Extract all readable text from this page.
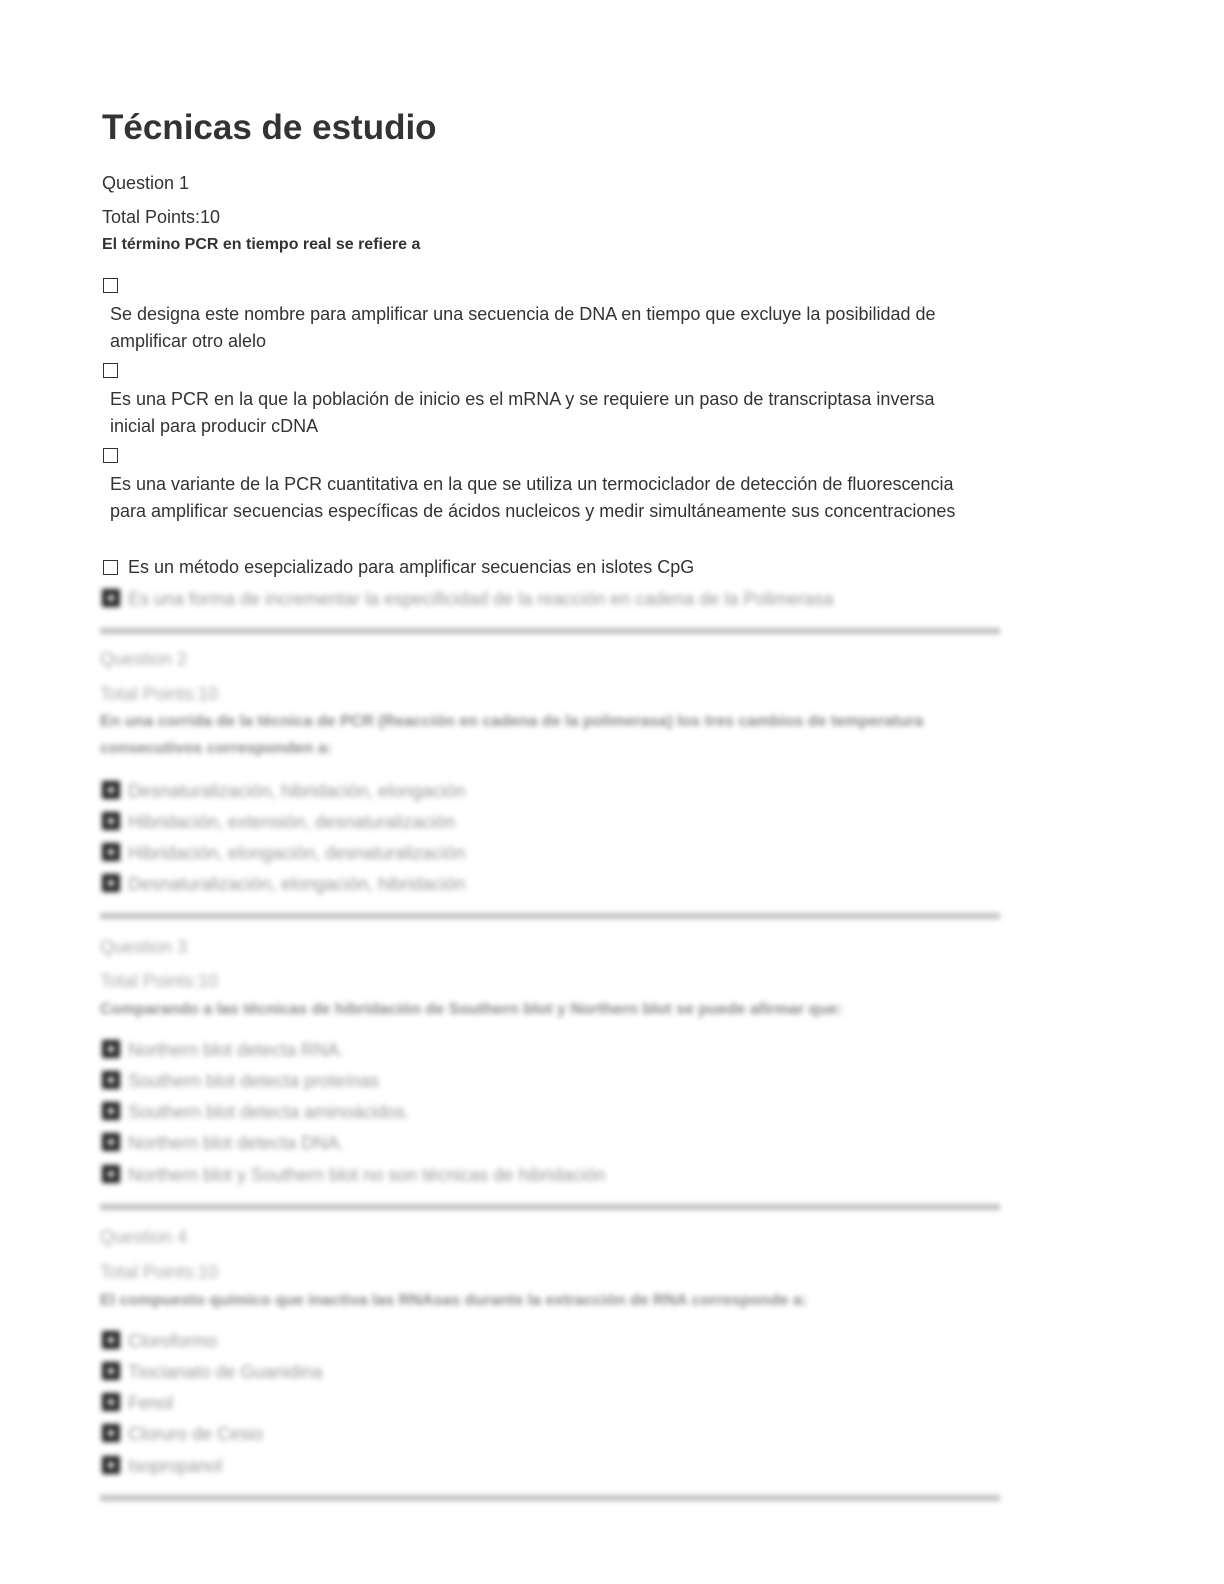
Técnicas de estudio
Question 1
Total Points:10
El término PCR en tiempo real se refiere a
Se designa este nombre para amplificar una secuencia de DNA en tiempo que excluye la posibilidad de amplificar otro alelo
Es una PCR en la que la población de inicio es el mRNA y se requiere un paso de transcriptasa inversa inicial para producir cDNA
Es una variante de la PCR cuantitativa en la que se utiliza un termociclador de detección de fluorescencia para amplificar secuencias específicas de ácidos nucleicos y medir simultáneamente sus concentraciones
Es un método esepcializado para amplificar secuencias en islotes CpG
Es una forma de incrementar la especificidad de la reacción en cadena de la Polimerasa
Question 2
Total Points:10
En una corrida de la técnica de PCR (Reacción en cadena de la polimerasa) los tres cambios de temperatura consecutivos corresponden a:
Desnaturalización, hibridación, elongación
Hibridación, extensión, desnaturalización
Hibridación, elongación, desnaturalización
Desnaturalización, elongación, hibridación
Question 3
Total Points:10
Comparando a las técnicas de hibridación de Southern blot y Northern blot se puede afirmar que:
Northern blot detecta RNA.
Southern blot detecta proteínas
Southern blot detecta aminoácidos.
Northern blot detecta DNA.
Northern blot y Southern blot no son técnicas de hibridación
Question 4
Total Points:10
El compuesto químico que inactiva las RNAsas durante la extracción de RNA corresponde a:
Cloroformo
Tiocianato de Guanidina
Fenol
Cloruro de Cesio
Isopropanol
